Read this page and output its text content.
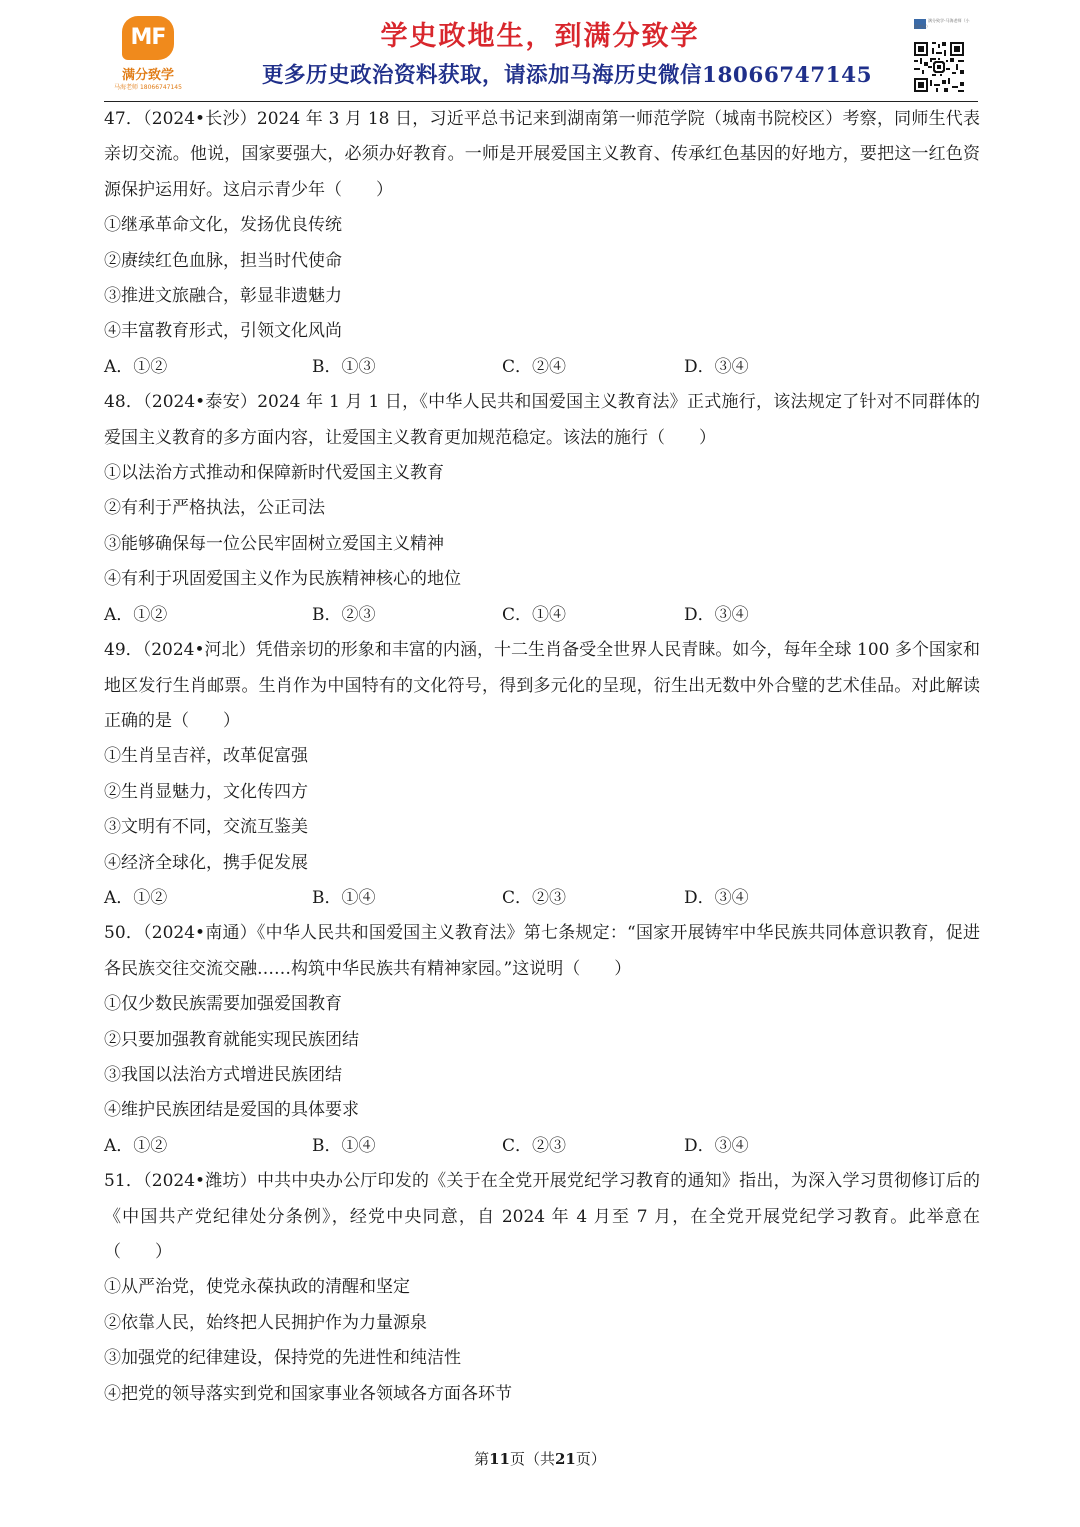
MF
满分致学
马海老师 18066747145
学史政地生，到满分致学
更多历史政治资料获取，请添加马海历史微信18066747145
满分致学-马海老师（小程序码）
47．（2024•长沙）2024 年 3 月 18 日，习近平总书记来到湖南第一师范学院（城南书院校区）考察，同师生代表亲切交流。他说，国家要强大，必须办好教育。一师是开展爱国主义教育、传承红色基因的好地方，要把这一红色资源保护运用好。这启示青少年（　　）
①继承革命文化，发扬优良传统
②赓续红色血脉，担当时代使命
③推进文旅融合，彰显非遗魅力
④丰富教育形式，引领文化风尚
A．①②	B．①③	C．②④	D．③④
48．（2024•泰安）2024 年 1 月 1 日，《中华人民共和国爱国主义教育法》正式施行，该法规定了针对不同群体的爱国主义教育的多方面内容，让爱国主义教育更加规范稳定。该法的施行（　　）
①以法治方式推动和保障新时代爱国主义教育
②有利于严格执法，公正司法
③能够确保每一位公民牢固树立爱国主义精神
④有利于巩固爱国主义作为民族精神核心的地位
A．①②	B．②③	C．①④	D．③④
49．（2024•河北）凭借亲切的形象和丰富的内涵，十二生肖备受全世界人民青睐。如今，每年全球 100 多个国家和地区发行生肖邮票。生肖作为中国特有的文化符号，得到多元化的呈现，衍生出无数中外合璧的艺术佳品。对此解读正确的是（　　）
①生肖呈吉祥，改革促富强
②生肖显魅力，文化传四方
③文明有不同，交流互鉴美
④经济全球化，携手促发展
A．①②	B．①④	C．②③	D．③④
50．（2024•南通）《中华人民共和国爱国主义教育法》第七条规定：“国家开展铸牢中华民族共同体意识教育，促进各民族交往交流交融……构筑中华民族共有精神家园。”这说明（　　）
①仅少数民族需要加强爱国教育
②只要加强教育就能实现民族团结
③我国以法治方式增进民族团结
④维护民族团结是爱国的具体要求
A．①②	B．①④	C．②③	D．③④
51．（2024•潍坊）中共中央办公厅印发的《关于在全党开展党纪学习教育的通知》指出，为深入学习贯彻修订后的《中国共产党纪律处分条例》，经党中央同意，自 2024 年 4 月至 7 月，在全党开展党纪学习教育。此举意在（　　）
①从严治党，使党永葆执政的清醒和坚定
②依靠人民，始终把人民拥护作为力量源泉
③加强党的纪律建设，保持党的先进性和纯洁性
④把党的领导落实到党和国家事业各领域各方面各环节
第11页（共21页）
